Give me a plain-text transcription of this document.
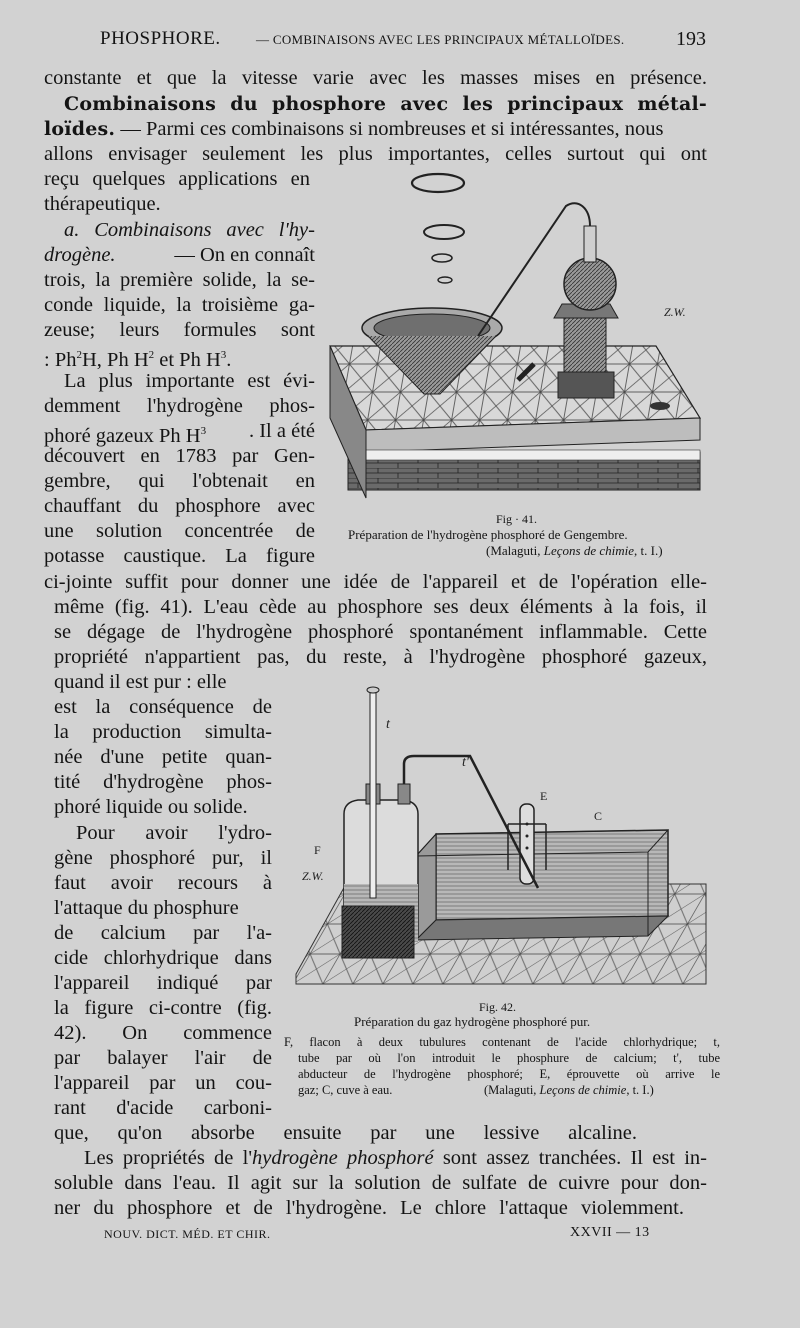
PHOSPHORE.	— COMBINAISONS AVEC LES PRINCIPAUX MÉTALLOÏDES.	193
constante et que la vitesse varie avec les masses mises en présence.
Combinaisons du phosphore avec les principaux métal-
loïdes. — Parmi ces combinaisons si nombreuses et si intéressantes, nous
allons envisager seulement les plus importantes, celles surtout qui ont
reçu quelques applications en
thérapeutique.
a. Combinaisons avec l'hy-
drogène.	— On en connaît
trois, la première solide, la se-
conde liquide, la troisième ga-
zeuse; leurs formules sont
: Ph$^2$H, Ph $H^2$ et Ph $H^3$.
La plus importante est évi-
demment l'hydrogène phos-
phoré gazeux Ph $H^3$ . Il a été
découvert en 1783 par Gen-
gembre, qui l'obtenait en
chauffant du phosphore avec
une solution concentrée de
potasse caustique. La figure
Z.W.
Fig · 41.
Préparation de l'hydrogène phosphoré de Gengembre.
(Malaguti, Leçons de chimie, t. I.)
ci-jointe suffit pour donner une idée de l'appareil et de l'opération elle-
même (fig. 41). L'eau cède au phosphore ses deux éléments à la fois, il
se dégage de l'hydrogène phosphoré spontanément inflammable. Cette
propriété n'appartient pas, du reste, à l'hydrogène phosphoré gazeux,
quand il est pur : elle
est la conséquence de
la production simulta-
née d'une petite quan-
tité d'hydrogène phos-
phoré liquide ou solide.
Pour avoir l'ydro-
gène phosphoré pur, il
faut avoir recours à
l'attaque du phosphure
de calcium par l'a-
cide chlorhydrique dans
l'appareil indiqué par
la figure ci-contre (fig.
42). On commence
par balayer l'air de
l'appareil par un cou-
rant d'acide carboni-
t
t'
E
F
C
Z.W.
Fig. 42.
Préparation du gaz hydrogène phosphoré pur.
F, flacon à deux tubulures contenant de l'acide chlorhydrique; t,
tube par où l'on introduit le phosphure de calcium; t', tube
abducteur de l'hydrogène phosphoré; E, éprouvette où arrive le
gaz; C, cuve à eau.	(Malaguti, Leçons de chimie, t. I.)
que, qu'on absorbe ensuite par une lessive alcaline.
Les propriétés de l'hydrogène phosphoré sont assez tranchées. Il est in-
soluble dans l'eau. Il agit sur la solution de sulfate de cuivre pour don-
ner du phosphore et de l'hydrogène. Le chlore l'attaque violemment.
NOUV. DICT. MÉD. ET CHIR.	XXVII — 13
